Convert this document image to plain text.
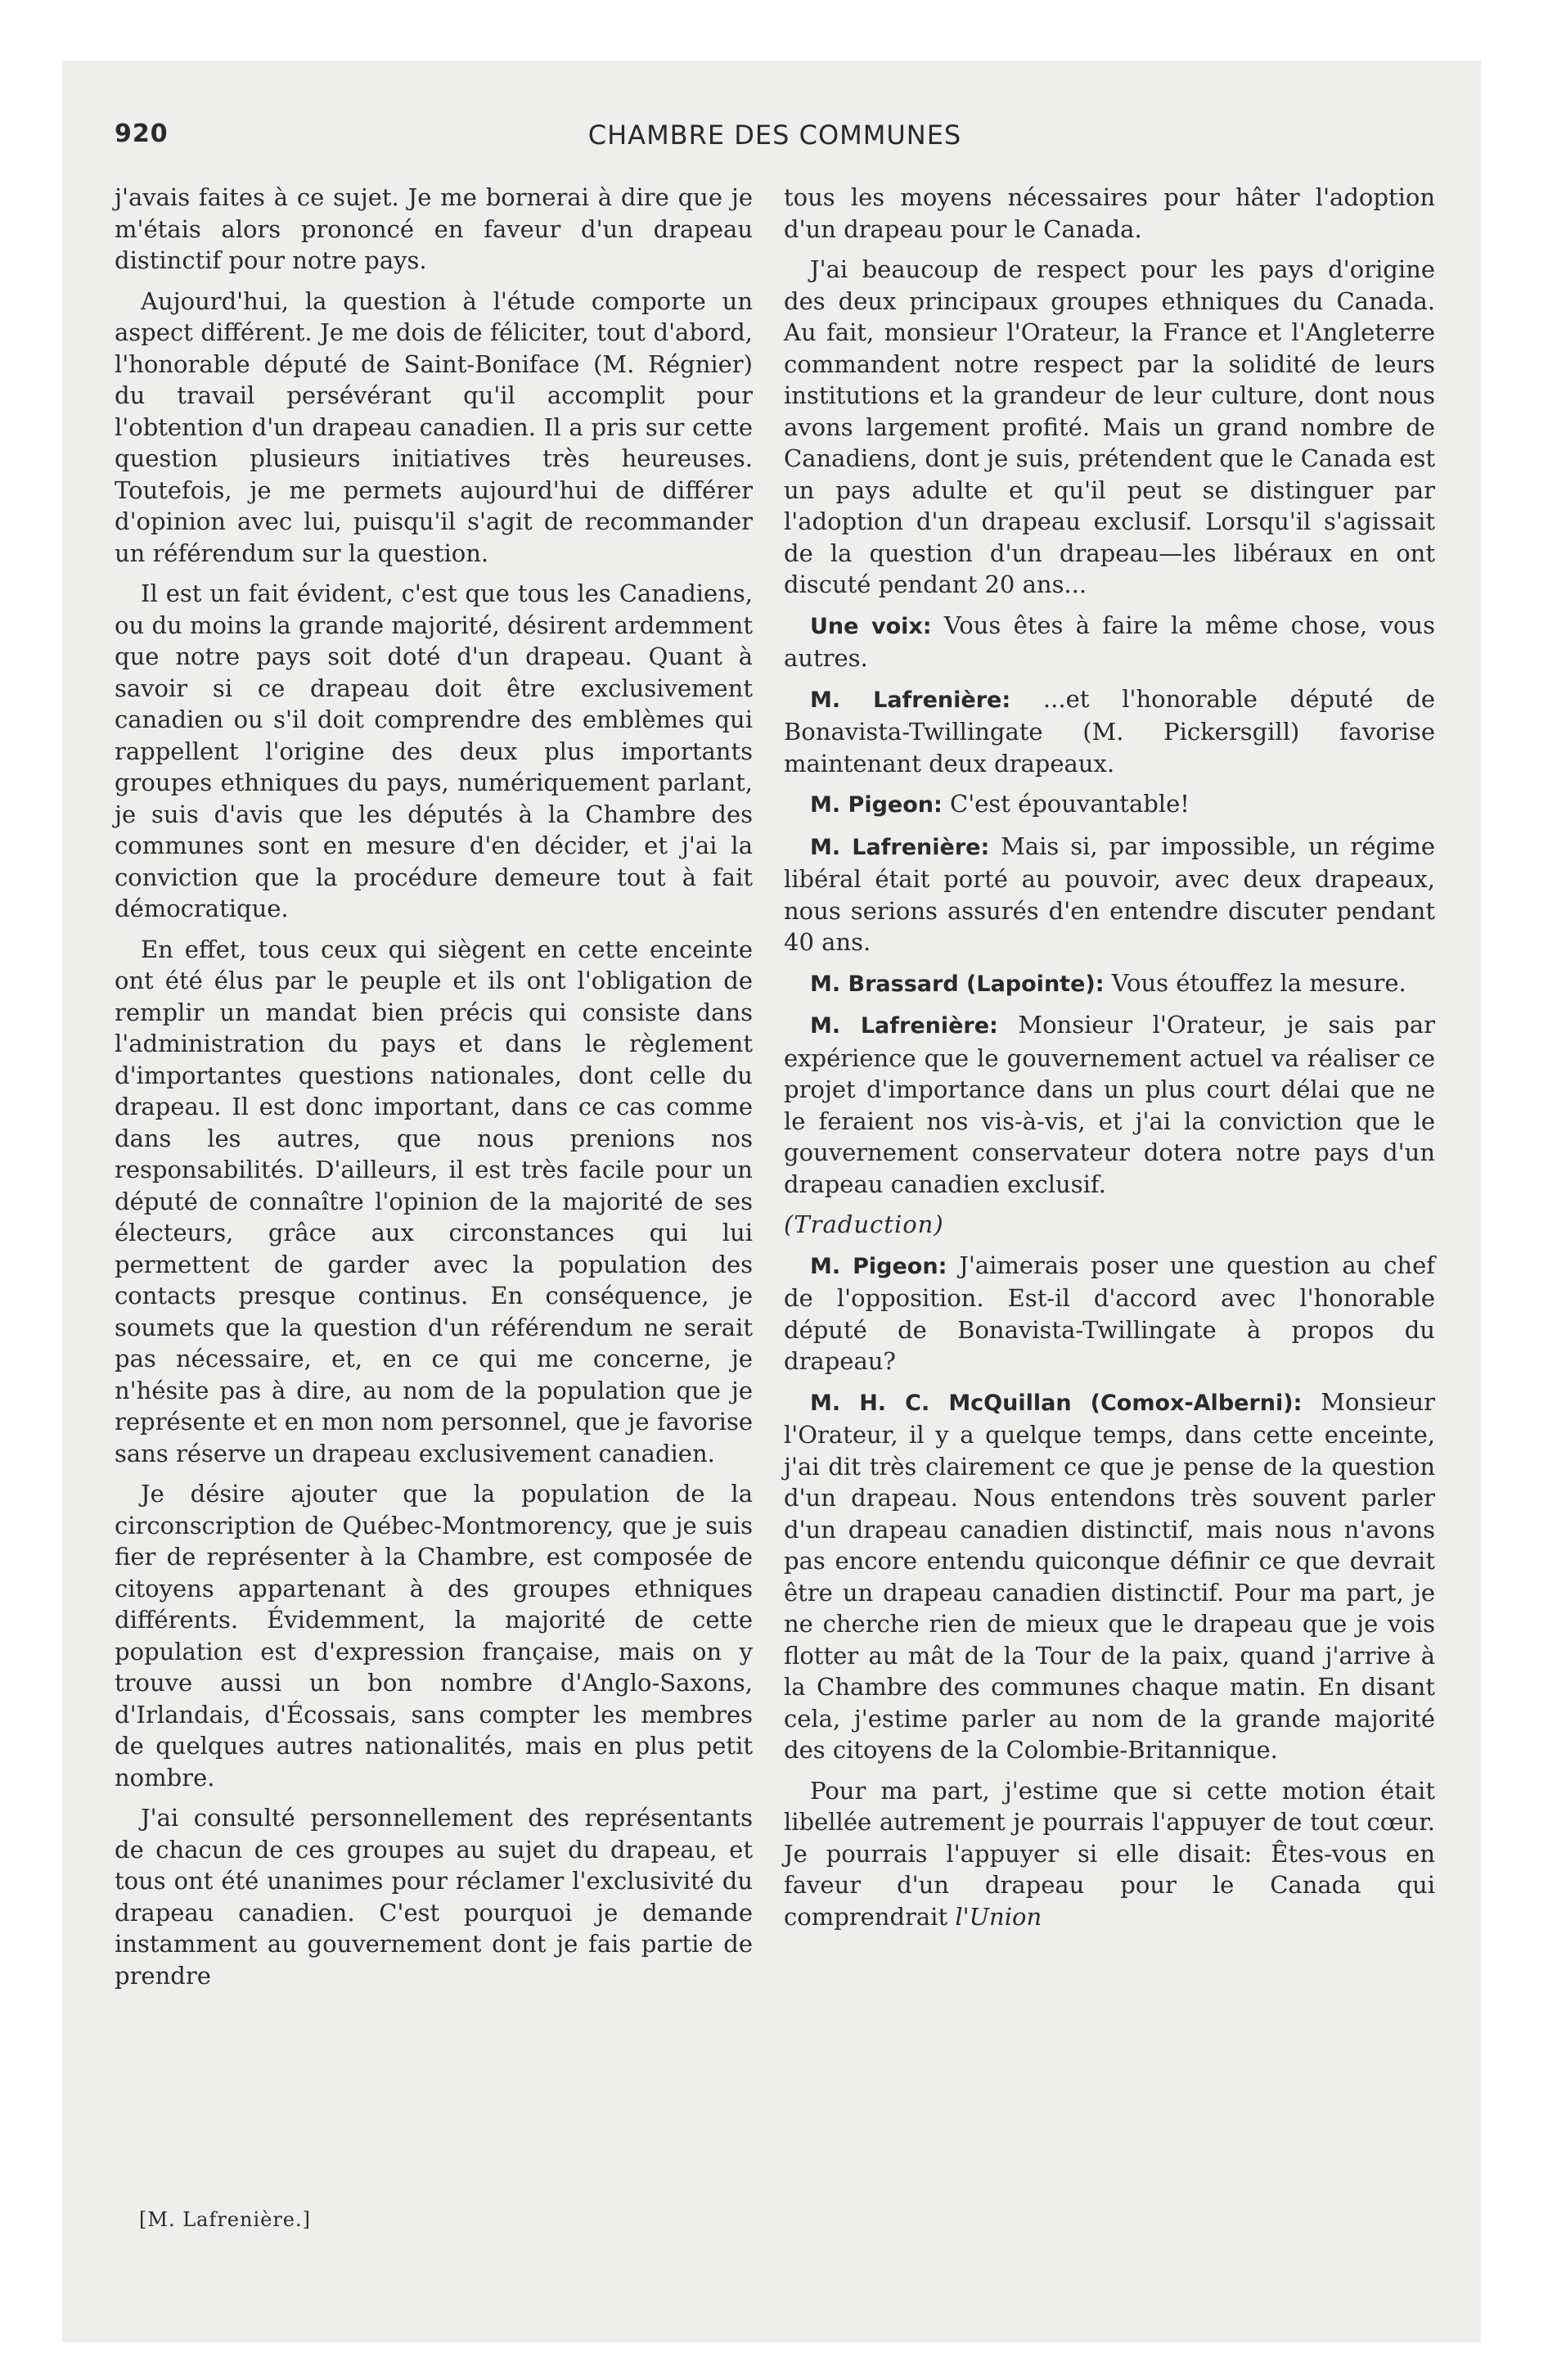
920	CHAMBRE DES COMMUNES

j'avais faites à ce sujet. Je me bornerai à dire que je m'étais alors prononcé en faveur d'un drapeau distinctif pour notre pays.

Aujourd'hui, la question à l'étude comporte un aspect différent. Je me dois de féliciter, tout d'abord, l'honorable député de Saint-Boniface (M. Régnier) du travail persévérant qu'il accomplit pour l'obtention d'un drapeau canadien. Il a pris sur cette question plusieurs initiatives très heureuses. Toutefois, je me permets aujourd'hui de différer d'opinion avec lui, puisqu'il s'agit de recommander un référendum sur la question.

Il est un fait évident, c'est que tous les Canadiens, ou du moins la grande majorité, désirent ardemment que notre pays soit doté d'un drapeau. Quant à savoir si ce drapeau doit être exclusivement canadien ou s'il doit comprendre des emblèmes qui rappellent l'origine des deux plus importants groupes ethniques du pays, numériquement parlant, je suis d'avis que les députés à la Chambre des communes sont en mesure d'en décider, et j'ai la conviction que la procédure demeure tout à fait démocratique.

En effet, tous ceux qui siègent en cette enceinte ont été élus par le peuple et ils ont l'obligation de remplir un mandat bien précis qui consiste dans l'administration du pays et dans le règlement d'importantes questions nationales, dont celle du drapeau. Il est donc important, dans ce cas comme dans les autres, que nous prenions nos responsabilités. D'ailleurs, il est très facile pour un député de connaître l'opinion de la majorité de ses électeurs, grâce aux circonstances qui lui permettent de garder avec la population des contacts presque continus. En conséquence, je soumets que la question d'un référendum ne serait pas nécessaire, et, en ce qui me concerne, je n'hésite pas à dire, au nom de la population que je représente et en mon nom personnel, que je favorise sans réserve un drapeau exclusivement canadien.

Je désire ajouter que la population de la circonscription de Québec-Montmorency, que je suis fier de représenter à la Chambre, est composée de citoyens appartenant à des groupes ethniques différents. Évidemment, la majorité de cette population est d'expression française, mais on y trouve aussi un bon nombre d'Anglo-Saxons, d'Irlandais, d'Écossais, sans compter les membres de quelques autres nationalités, mais en plus petit nombre.

J'ai consulté personnellement des représentants de chacun de ces groupes au sujet du drapeau, et tous ont été unanimes pour réclamer l'exclusivité du drapeau canadien. C'est pourquoi je demande instamment au gouvernement dont je fais partie de prendre

tous les moyens nécessaires pour hâter l'adoption d'un drapeau pour le Canada.

J'ai beaucoup de respect pour les pays d'origine des deux principaux groupes ethniques du Canada. Au fait, monsieur l'Orateur, la France et l'Angleterre commandent notre respect par la solidité de leurs institutions et la grandeur de leur culture, dont nous avons largement profité. Mais un grand nombre de Canadiens, dont je suis, prétendent que le Canada est un pays adulte et qu'il peut se distinguer par l'adoption d'un drapeau exclusif. Lorsqu'il s'agissait de la question d'un drapeau—les libéraux en ont discuté pendant 20 ans...

Une voix: Vous êtes à faire la même chose, vous autres.

M. Lafrenière: ...et l'honorable député de Bonavista-Twillingate (M. Pickersgill) favorise maintenant deux drapeaux.

M. Pigeon: C'est épouvantable!

M. Lafrenière: Mais si, par impossible, un régime libéral était porté au pouvoir, avec deux drapeaux, nous serions assurés d'en entendre discuter pendant 40 ans.

M. Brassard (Lapointe): Vous étouffez la mesure.

M. Lafrenière: Monsieur l'Orateur, je sais par expérience que le gouvernement actuel va réaliser ce projet d'importance dans un plus court délai que ne le feraient nos vis-à-vis, et j'ai la conviction que le gouvernement conservateur dotera notre pays d'un drapeau canadien exclusif.

(Traduction)

M. Pigeon: J'aimerais poser une question au chef de l'opposition. Est-il d'accord avec l'honorable député de Bonavista-Twillingate à propos du drapeau?

M. H. C. McQuillan (Comox-Alberni): Monsieur l'Orateur, il y a quelque temps, dans cette enceinte, j'ai dit très clairement ce que je pense de la question d'un drapeau. Nous entendons très souvent parler d'un drapeau canadien distinctif, mais nous n'avons pas encore entendu quiconque définir ce que devrait être un drapeau canadien distinctif. Pour ma part, je ne cherche rien de mieux que le drapeau que je vois flotter au mât de la Tour de la paix, quand j'arrive à la Chambre des communes chaque matin. En disant cela, j'estime parler au nom de la grande majorité des citoyens de la Colombie-Britannique.

Pour ma part, j'estime que si cette motion était libellée autrement je pourrais l'appuyer de tout cœur. Je pourrais l'appuyer si elle disait: Êtes-vous en faveur d'un drapeau pour le Canada qui comprendrait l'Union

[M. Lafrenière.]
